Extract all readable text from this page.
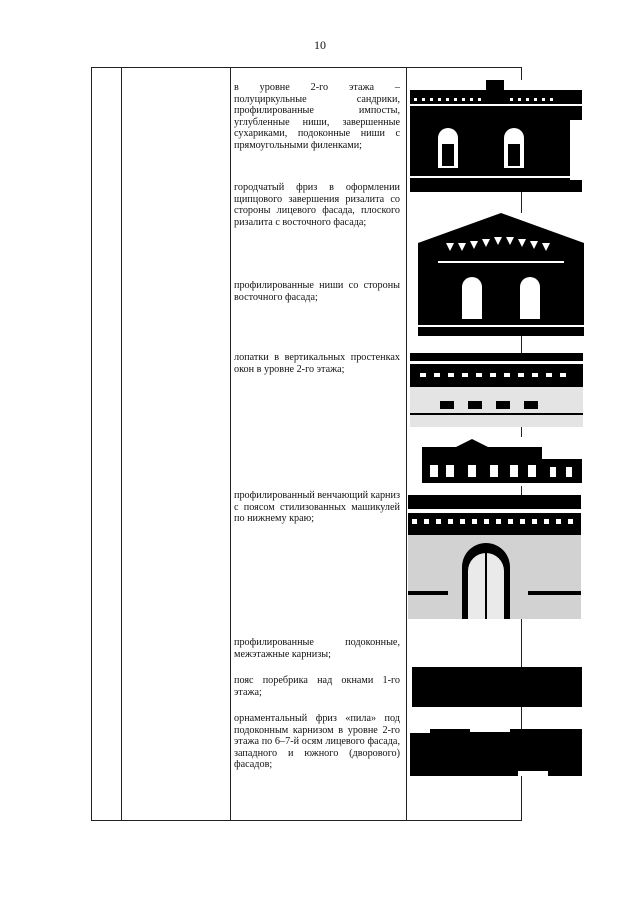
10
в уровне 2-го этажа – полуциркульные сандрики, профилированные импосты, углубленные ниши, завершенные сухариками, подоконные ниши с прямоугольными филенками;
городчатый фриз в оформлении щипцового завершения ризалита со стороны лицевого фасада, плоского ризалита с восточного фасада;
профилированные ниши со стороны восточного фасада;
лопатки в вертикальных простенках окон в уровне 2-го этажа;
профилированный венчающий карниз с поясом стилизованных машикулей по нижнему краю;
профилированные подоконные, межэтажные карнизы;
пояс поребрика над окнами 1-го этажа;
орнаментальный фриз «пила» под подоконным карнизом в уровне 2-го этажа по 6–7-й осям лицевого фасада, западного и южного (дворового) фасадов;
